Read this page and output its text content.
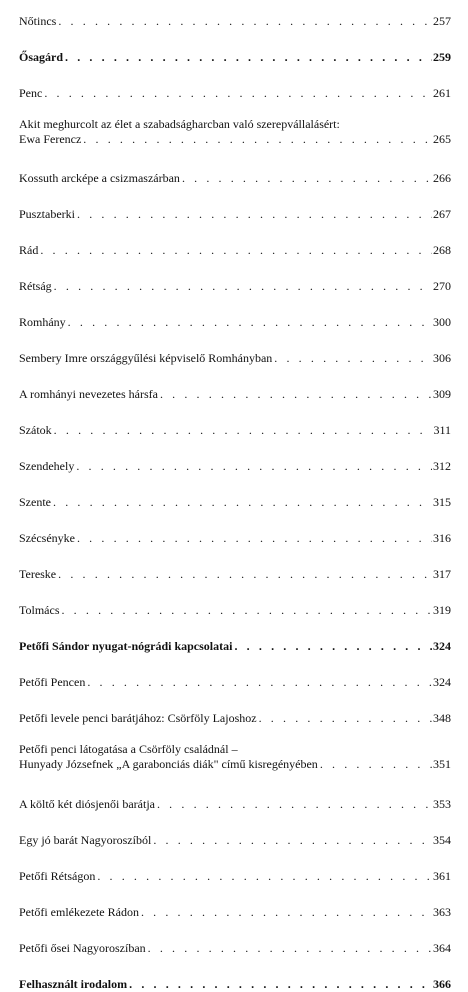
Nőtincs . . .	257
Ősagárd . . .	259
Penc . . .	261
Akit meghurcolt az élet a szabadságharcban való szerepvállalásért:
Ewa Ferencz . . .	265
Kossuth arcképe a csizmaszárban . . .	266
Pusztaberki . . .	267
Rád . . .	268
Rétság . . .	270
Romhány . . .	300
Sembery Imre országgyűlési képviselő Romhányban . . .	306
A romhányi nevezetes hársfa . . .	309
Szátok . . .	311
Szendehely . . .	312
Szente . . .	315
Szécsénykе . . .	316
Tereske . . .	317
Tolmács . . .	319
Petőfi Sándor nyugat-nógrádi kapcsolatai . . .	324
Petőfi Pencen . . .	324
Petőfi levele penci barátjához: Csörföly Lajoshoz . . .	348
Petőfi penci látogatása a Csörföly családnál –
Hunyady Józsefnek „A garabonciás diák" című kisregényében . . .	351
A költő két diósjenői barátja . . .	353
Egy jó barát Nagyoroszíból . . .	354
Petőfi Rétságon . . .	361
Petőfi emlékezete Rádon . . .	363
Petőfi ősei Nagyoroszíban . . .	364
Felhasznált irodalom . . .	366
